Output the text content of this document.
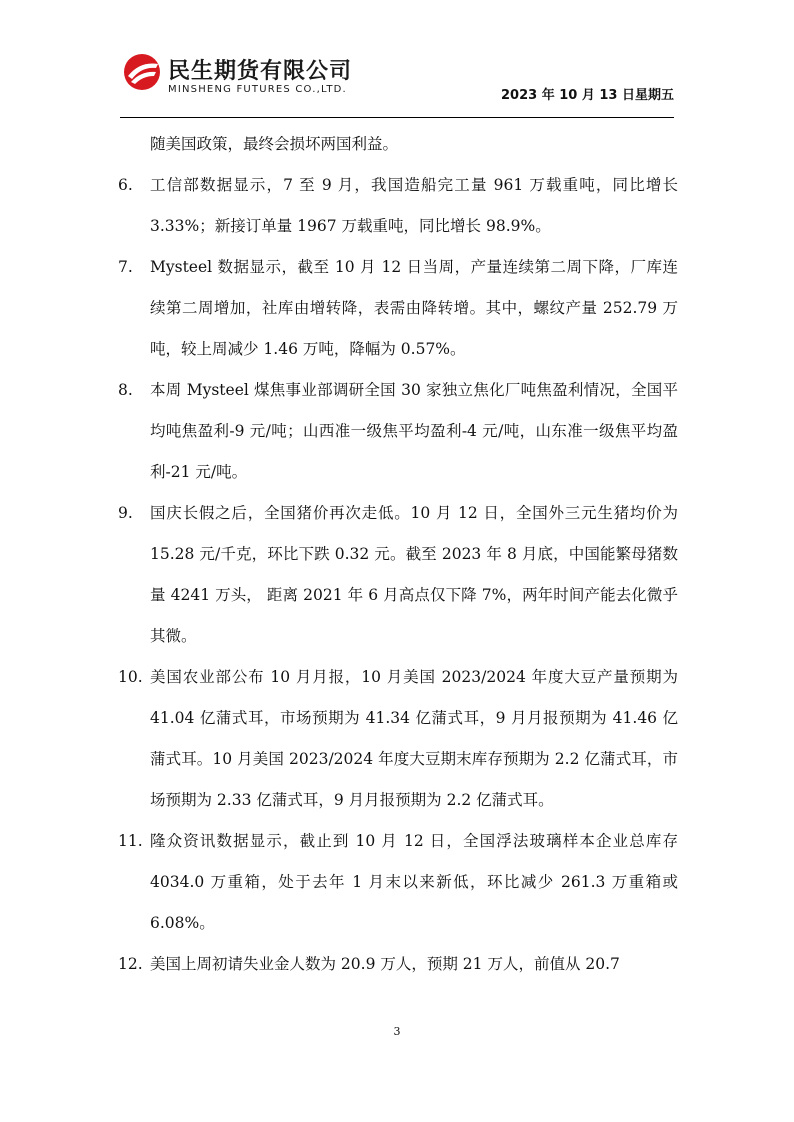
民生期货有限公司
MINSHENG FUTURES CO.,LTD.	2023 年 10 月 13 日星期五

随美国政策，最终会损坏两国利益。

6.	工信部数据显示，7 至 9 月，我国造船完工量 961 万载重吨，同比增长 3.33%；新接订单量 1967 万载重吨，同比增长 98.9%。
7.	Mysteel 数据显示，截至 10 月 12 日当周，产量连续第二周下降，厂库连续第二周增加，社库由增转降，表需由降转增。其中，螺纹产量 252.79 万吨，较上周减少 1.46 万吨，降幅为 0.57%。
8.	本周 Mysteel 煤焦事业部调研全国 30 家独立焦化厂吨焦盈利情况，全国平均吨焦盈利-9 元/吨；山西准一级焦平均盈利-4 元/吨，山东准一级焦平均盈利-21 元/吨。
9.	国庆长假之后，全国猪价再次走低。10 月 12 日，全国外三元生猪均价为 15.28 元/千克，环比下跌 0.32 元。截至 2023 年 8 月底，中国能繁母猪数量 4241 万头， 距离 2021 年 6 月高点仅下降 7%，两年时间产能去化微乎其微。
10. 美国农业部公布 10 月月报，10 月美国 2023/2024 年度大豆产量预期为 41.04 亿蒲式耳，市场预期为 41.34 亿蒲式耳，9 月月报预期为 41.46 亿蒲式耳。10 月美国 2023/2024 年度大豆期末库存预期为 2.2 亿蒲式耳，市场预期为 2.33 亿蒲式耳，9 月月报预期为 2.2 亿蒲式耳。
11. 隆众资讯数据显示，截止到 10 月 12 日，全国浮法玻璃样本企业总库存 4034.0 万重箱，处于去年 1 月末以来新低，环比减少 261.3 万重箱或 6.08%。
12. 美国上周初请失业金人数为 20.9 万人，预期 21 万人，前值从 20.7
3
